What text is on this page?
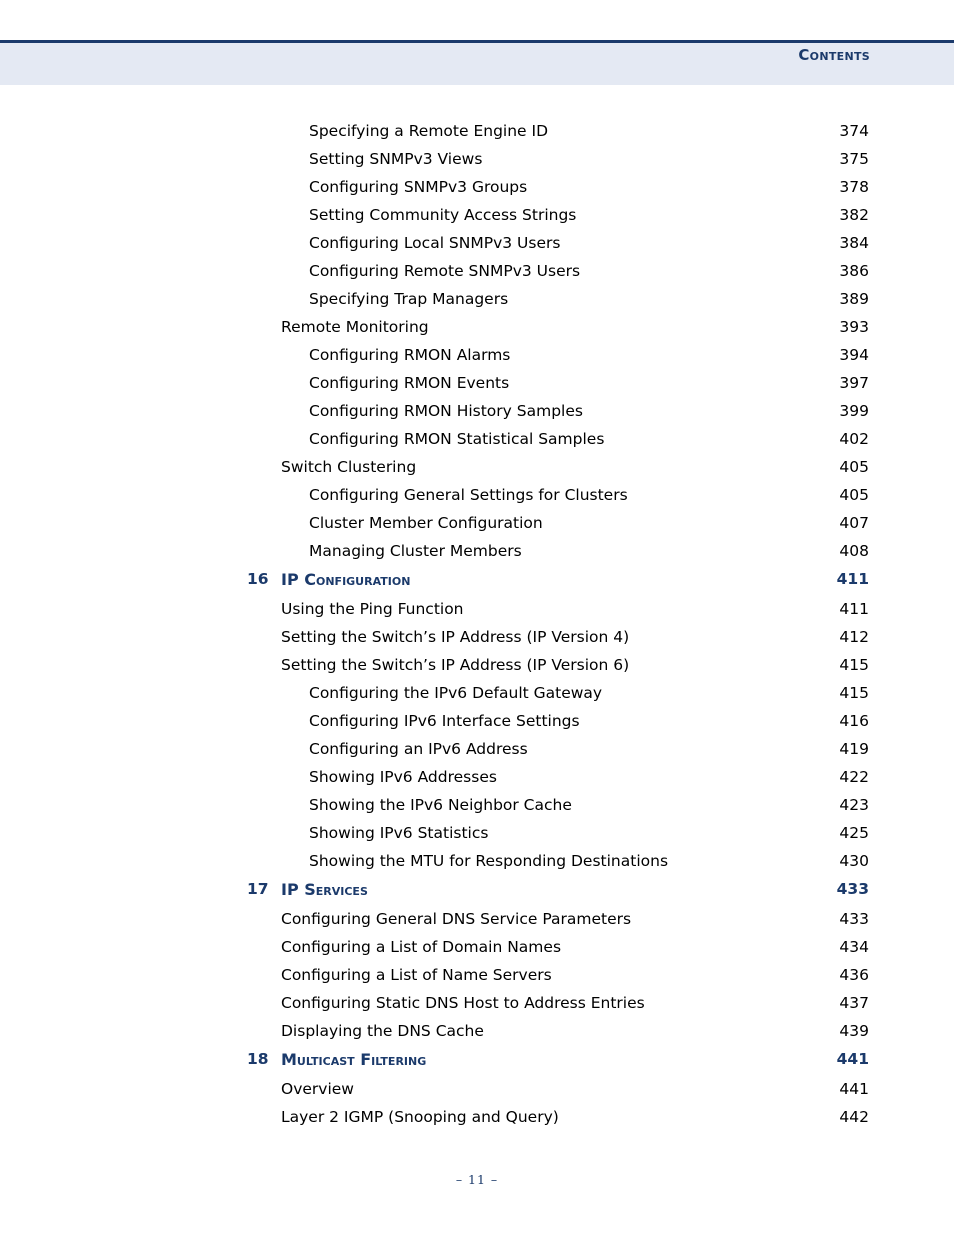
Contents
Specifying a Remote Engine ID	374
Setting SNMPv3 Views	375
Configuring SNMPv3 Groups	378
Setting Community Access Strings	382
Configuring Local SNMPv3 Users	384
Configuring Remote SNMPv3 Users	386
Specifying Trap Managers	389
Remote Monitoring	393
Configuring RMON Alarms	394
Configuring RMON Events	397
Configuring RMON History Samples	399
Configuring RMON Statistical Samples	402
Switch Clustering	405
Configuring General Settings for Clusters	405
Cluster Member Configuration	407
Managing Cluster Members	408
16 IP Configuration	411
Using the Ping Function	411
Setting the Switch’s IP Address (IP Version 4)	412
Setting the Switch’s IP Address (IP Version 6)	415
Configuring the IPv6 Default Gateway	415
Configuring IPv6 Interface Settings	416
Configuring an IPv6 Address	419
Showing IPv6 Addresses	422
Showing the IPv6 Neighbor Cache	423
Showing IPv6 Statistics	425
Showing the MTU for Responding Destinations	430
17 IP Services	433
Configuring General DNS Service Parameters	433
Configuring a List of Domain Names	434
Configuring a List of Name Servers	436
Configuring Static DNS Host to Address Entries	437
Displaying the DNS Cache	439
18 Multicast Filtering	441
Overview	441
Layer 2 IGMP (Snooping and Query)	442
– 11 –
